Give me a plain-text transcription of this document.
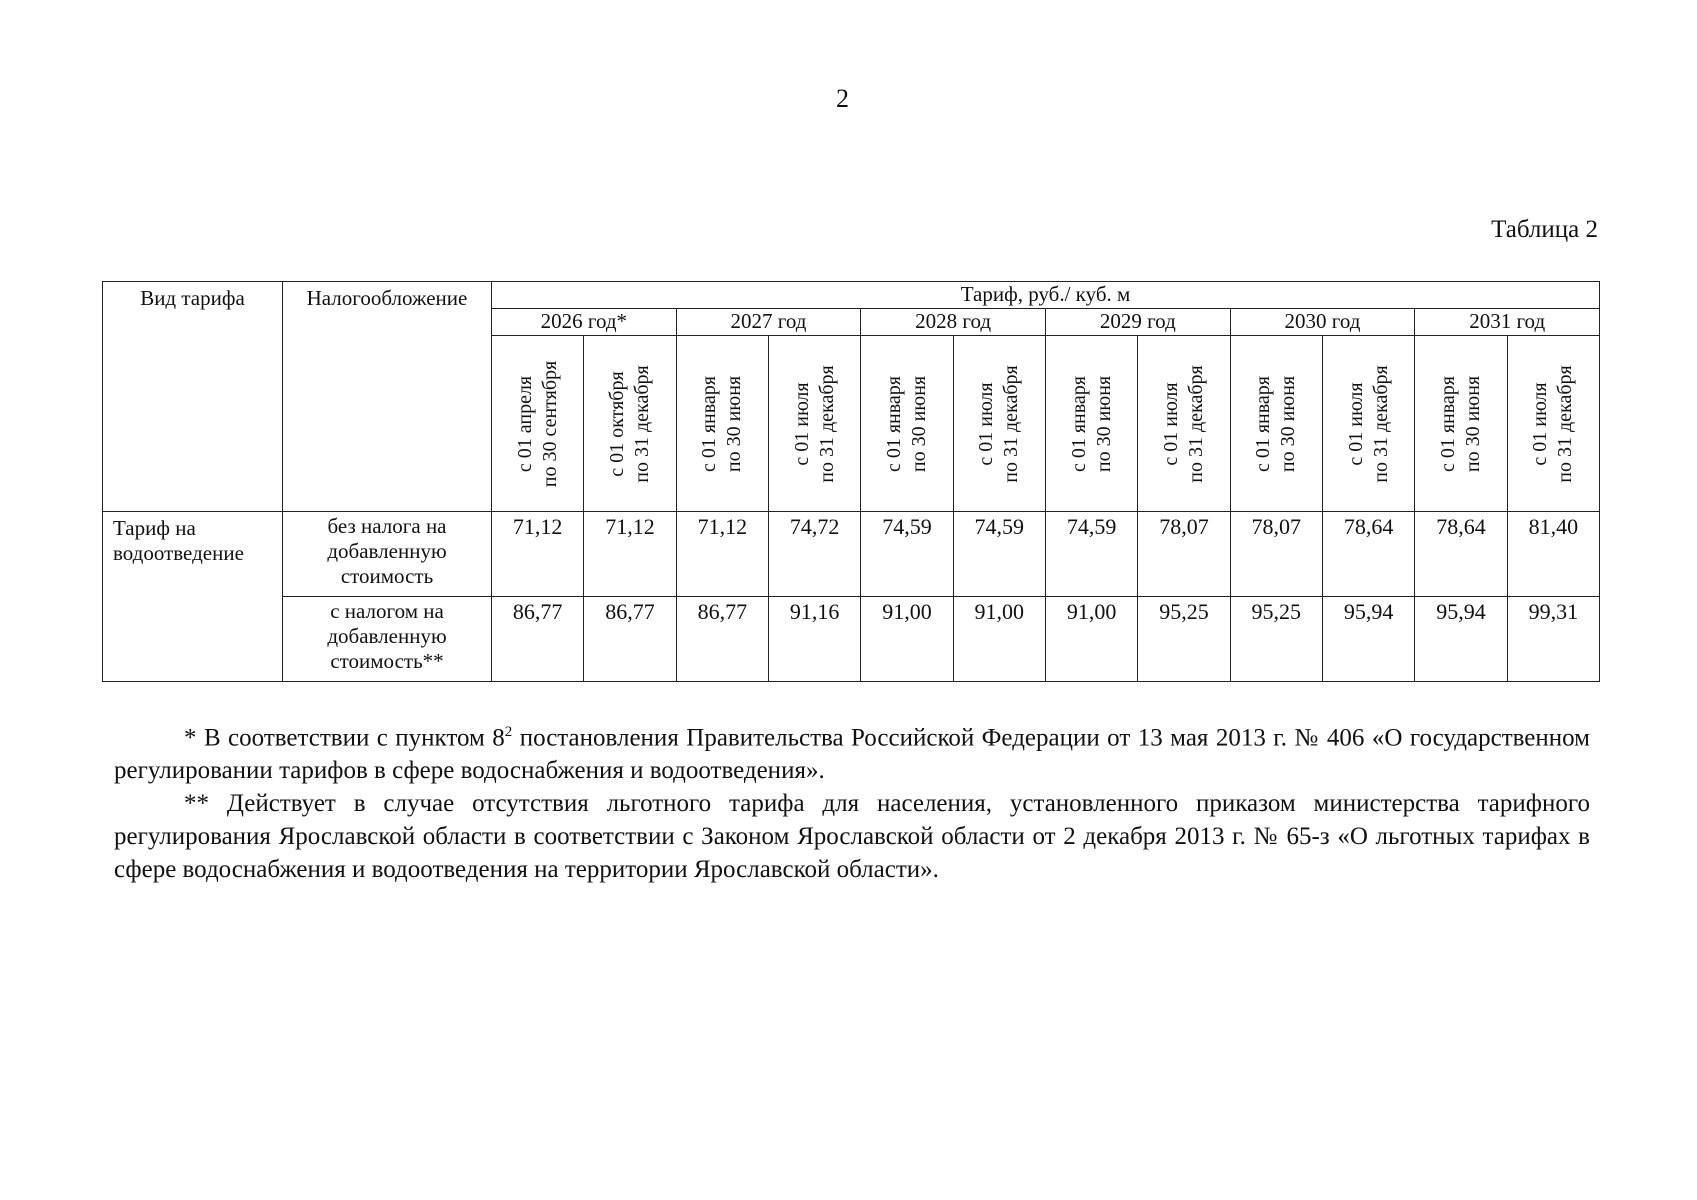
2
Таблица 2
Вид тарифа	Налогообложение	Тариф, руб./ куб. м											
		2026 год*		2027 год		2028 год		2029 год		2030 год		2031 год	

		с 01 апреля по 30 сентября	с 01 октября по 31 декабря	с 01 января по 30 июня	с 01 июля по 31 декабря	с 01 января по 30 июня	с 01 июля по 31 декабря	с 01 января по 30 июня	с 01 июля по 31 декабря	с 01 января по 30 июня	с 01 июля по 31 декабря	с 01 января по 30 июня	с 01 июля по 31 декабря

Тариф на водоотведение	без налога на добавленную стоимость	71,12	71,12	71,12	74,72	74,59	74,59	74,59	78,07	78,07	78,64	78,64	81,40
	с налогом на добавленную стоимость**	86,77	86,77	86,77	91,16	91,00	91,00	91,00	95,25	95,25	95,94	95,94	99,31

* В соответствии с пунктом $8^2$ постановления Правительства Российской Федерации от 13 мая 2013 г. № 406 «О государственном регулировании тарифов в сфере водоснабжения и водоотведения».

** Действует в случае отсутствия льготного тарифа для населения, установленного приказом министерства тарифного регулирования Ярославской области в соответствии с Законом Ярославской области от 2 декабря 2013 г. № 65-з «О льготных тарифах в сфере водоснабжения и водоотведения на территории Ярославской области».
